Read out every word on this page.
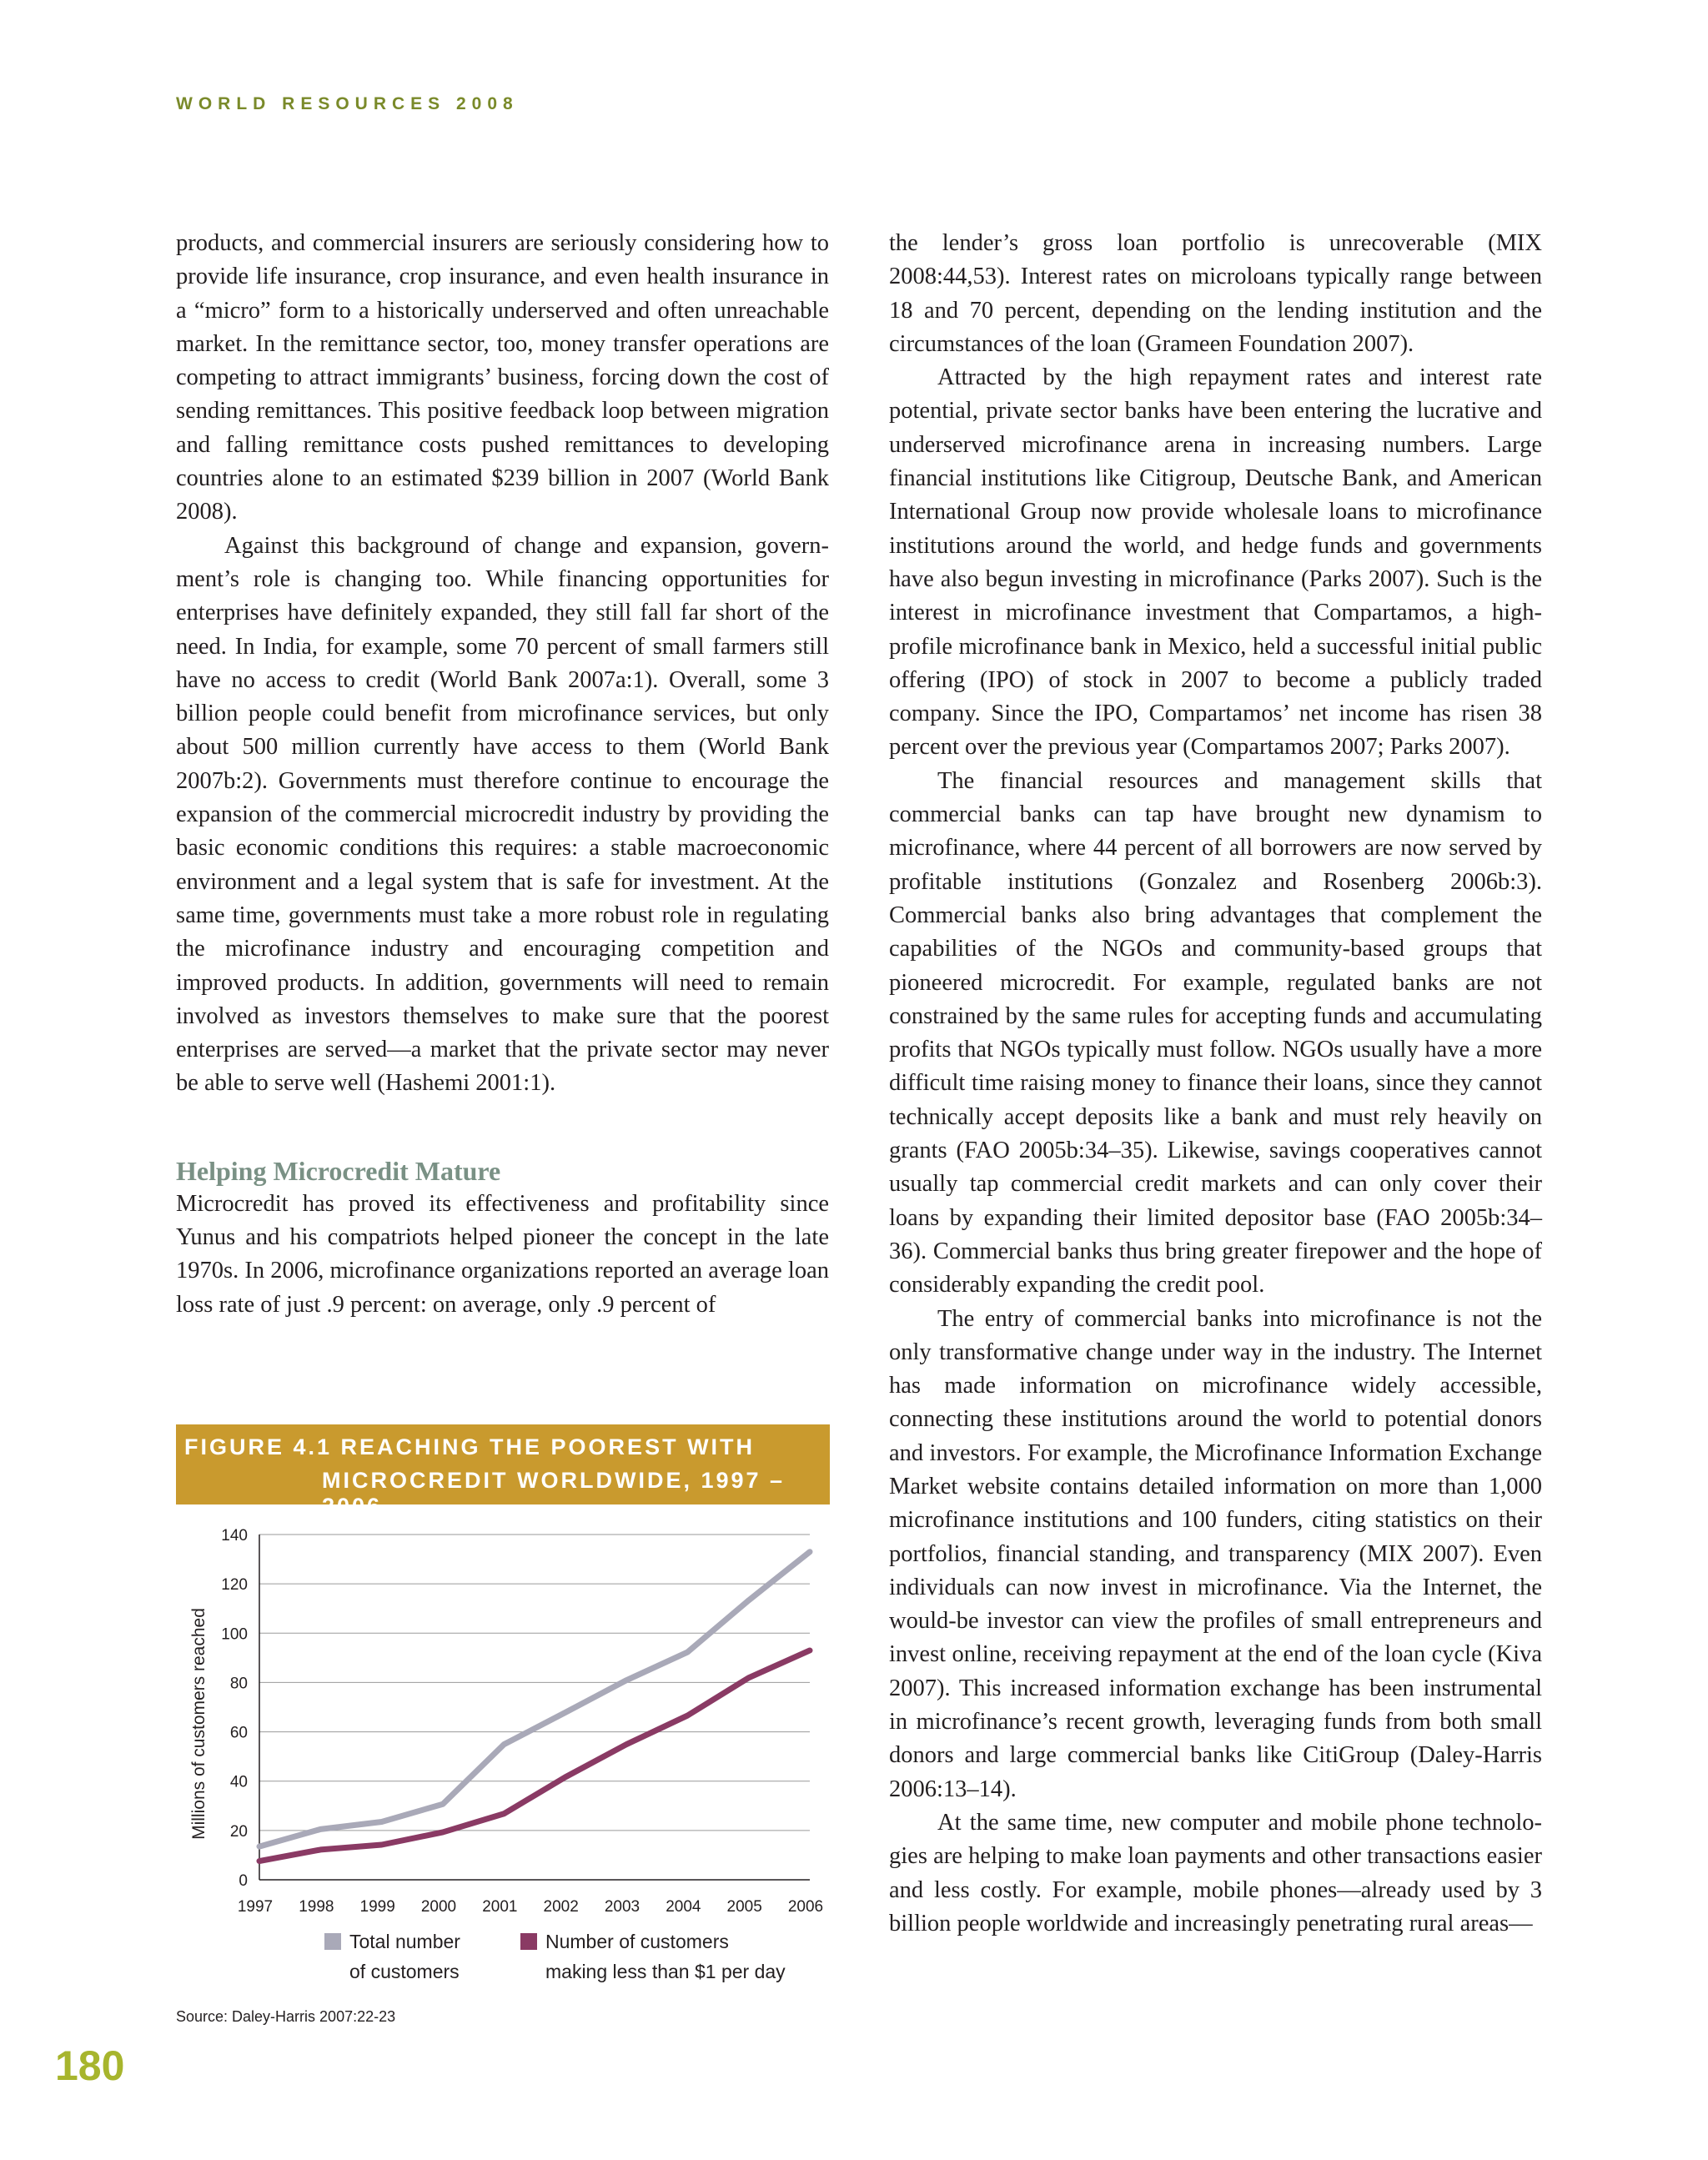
WORLD RESOURCES 2008

products, and commercial insurers are seriously considering how to provide life insurance, crop insurance, and even health insurance in a “micro” form to a historically underserved and often unreachable market. In the remittance sector, too, money transfer operations are competing to attract immigrants’ business, forcing down the cost of sending remittances. This positive feedback loop between migration and falling remittance costs pushed remittances to developing countries alone to an estimated $239 billion in 2007 (World Bank 2008).

Against this background of change and expansion, government’s role is changing too. While financing opportunities for enterprises have definitely expanded, they still fall far short of the need. In India, for example, some 70 percent of small farmers still have no access to credit (World Bank 2007a:1). Overall, some 3 billion people could benefit from microfinance services, but only about 500 million currently have access to them (World Bank 2007b:2). Governments must therefore continue to encourage the expansion of the commercial microcredit industry by providing the basic economic conditions this requires: a stable macroeconomic environment and a legal system that is safe for investment. At the same time, governments must take a more robust role in regulating the microfinance industry and encouraging competition and improved products. In addition, governments will need to remain involved as investors themselves to make sure that the poorest enterprises are served—a market that the private sector may never be able to serve well (Hashemi 2001:1).

Helping Microcredit Mature

Microcredit has proved its effectiveness and profitability since Yunus and his compatriots helped pioneer the concept in the late 1970s. In 2006, microfinance organizations reported an average loan loss rate of just .9 percent: on average, only .9 percent of

FIGURE 4.1 REACHING THE POOREST WITH
MICROCREDIT WORLDWIDE, 1997 – 2006
0
20
40
60
80
100
120
140
1997 1998 1999 2000 2001 2002 2003 2004 2005 2006
Millions of customers reached
Total number
of customers
Number of customers
making less than $1 per day
Source: Daley-Harris 2007:22-23

the lender’s gross loan portfolio is unrecoverable (MIX 2008:44,53). Interest rates on microloans typically range between 18 and 70 percent, depending on the lending institution and the circumstances of the loan (Grameen Foundation 2007).

Attracted by the high repayment rates and interest rate potential, private sector banks have been entering the lucrative and underserved microfinance arena in increasing numbers. Large financial institutions like Citigroup, Deutsche Bank, and American International Group now provide wholesale loans to microfinance institutions around the world, and hedge funds and governments have also begun investing in microfinance (Parks 2007). Such is the interest in microfinance investment that Compartamos, a high-profile microfinance bank in Mexico, held a successful initial public offering (IPO) of stock in 2007 to become a publicly traded company. Since the IPO, Compartamos’ net income has risen 38 percent over the previous year (Compartamos 2007; Parks 2007).

The financial resources and management skills that commercial banks can tap have brought new dynamism to microfinance, where 44 percent of all borrowers are now served by profitable institutions (Gonzalez and Rosenberg 2006b:3). Commercial banks also bring advantages that complement the capabilities of the NGOs and community-based groups that pioneered microcredit. For example, regulated banks are not constrained by the same rules for accepting funds and accumulating profits that NGOs typically must follow. NGOs usually have a more difficult time raising money to finance their loans, since they cannot technically accept deposits like a bank and must rely heavily on grants (FAO 2005b:34–35). Likewise, savings cooperatives cannot usually tap commercial credit markets and can only cover their loans by expanding their limited depositor base (FAO 2005b:34–36). Commercial banks thus bring greater firepower and the hope of considerably expanding the credit pool.

The entry of commercial banks into microfinance is not the only transformative change under way in the industry. The Internet has made information on microfinance widely accessible, connecting these institutions around the world to potential donors and investors. For example, the Microfinance Information Exchange Market website contains detailed information on more than 1,000 microfinance institutions and 100 funders, citing statistics on their portfolios, financial standing, and transparency (MIX 2007). Even individuals can now invest in microfinance. Via the Internet, the would-be investor can view the profiles of small entrepreneurs and invest online, receiving repayment at the end of the loan cycle (Kiva 2007). This increased information exchange has been instrumental in microfinance’s recent growth, leveraging funds from both small donors and large commercial banks like CitiGroup (Daley-Harris 2006:13–14).

At the same time, new computer and mobile phone technologies are helping to make loan payments and other transactions easier and less costly. For example, mobile phones—already used by 3 billion people worldwide and increasingly penetrating rural areas—

180
